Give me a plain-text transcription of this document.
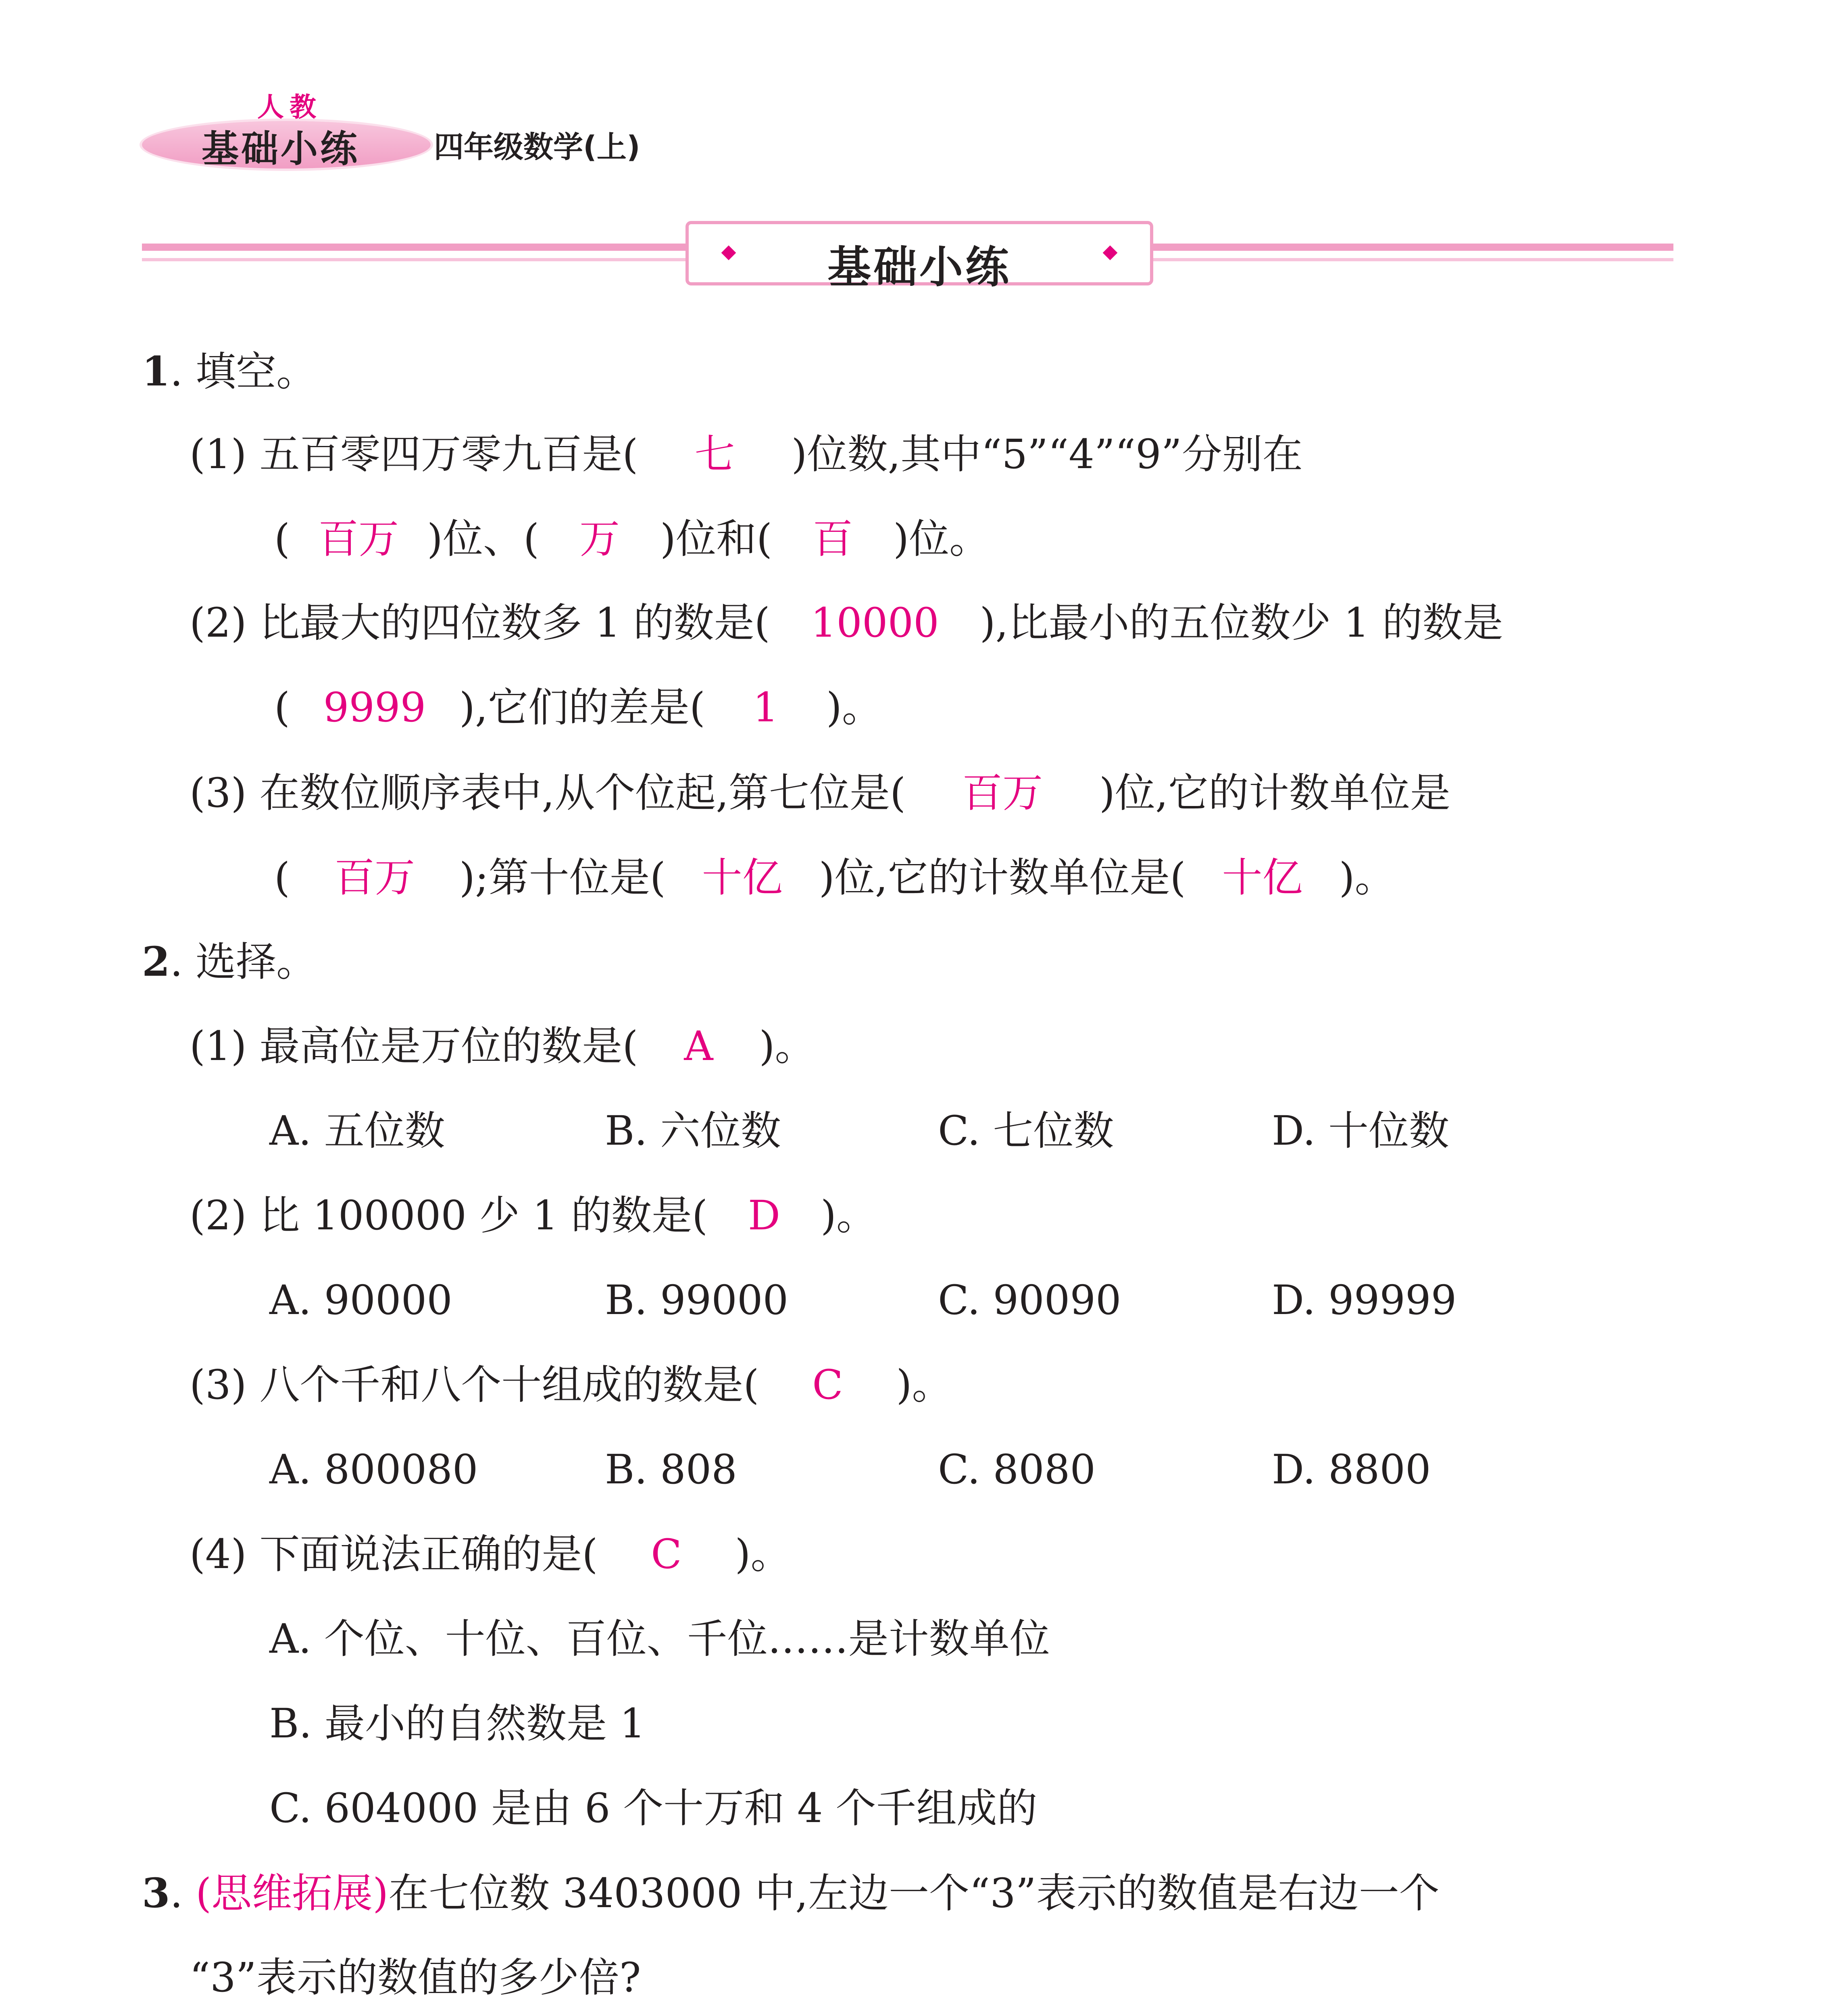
人教
基础小练 四年级数学(上)
基础小练
1. 填空。
(1) 五百零四万零九百是( 七 )位数,其中“5”“4”“9”分别在
( 百万 )位、( 万 )位和( 百 )位。
(2) 比最大的四位数多 1 的数是( 10000 ),比最小的五位数少 1 的数是
( 9999 ),它们的差是( 1 )。
(3) 在数位顺序表中,从个位起,第七位是( 百万 )位,它的计数单位是
( 百万 );第十位是( 十亿 )位,它的计数单位是( 十亿 )。
2. 选择。
(1) 最高位是万位的数是( A )。
A. 五位数	B. 六位数	C. 七位数	D. 十位数
(2) 比 100000 少 1 的数是( D )。
A. 90000	B. 99000	C. 90090	D. 99999
(3) 八个千和八个十组成的数是( C )。
A. 800080	B. 808	C. 8080	D. 8800
(4) 下面说法正确的是( C )。
A. 个位、十位、百位、千位……是计数单位
B. 最小的自然数是 1
C. 604000 是由 6 个十万和 4 个千组成的
3. (思维拓展)在七位数 3403000 中,左边一个“3”表示的数值是右边一个
“3”表示的数值的多少倍?
